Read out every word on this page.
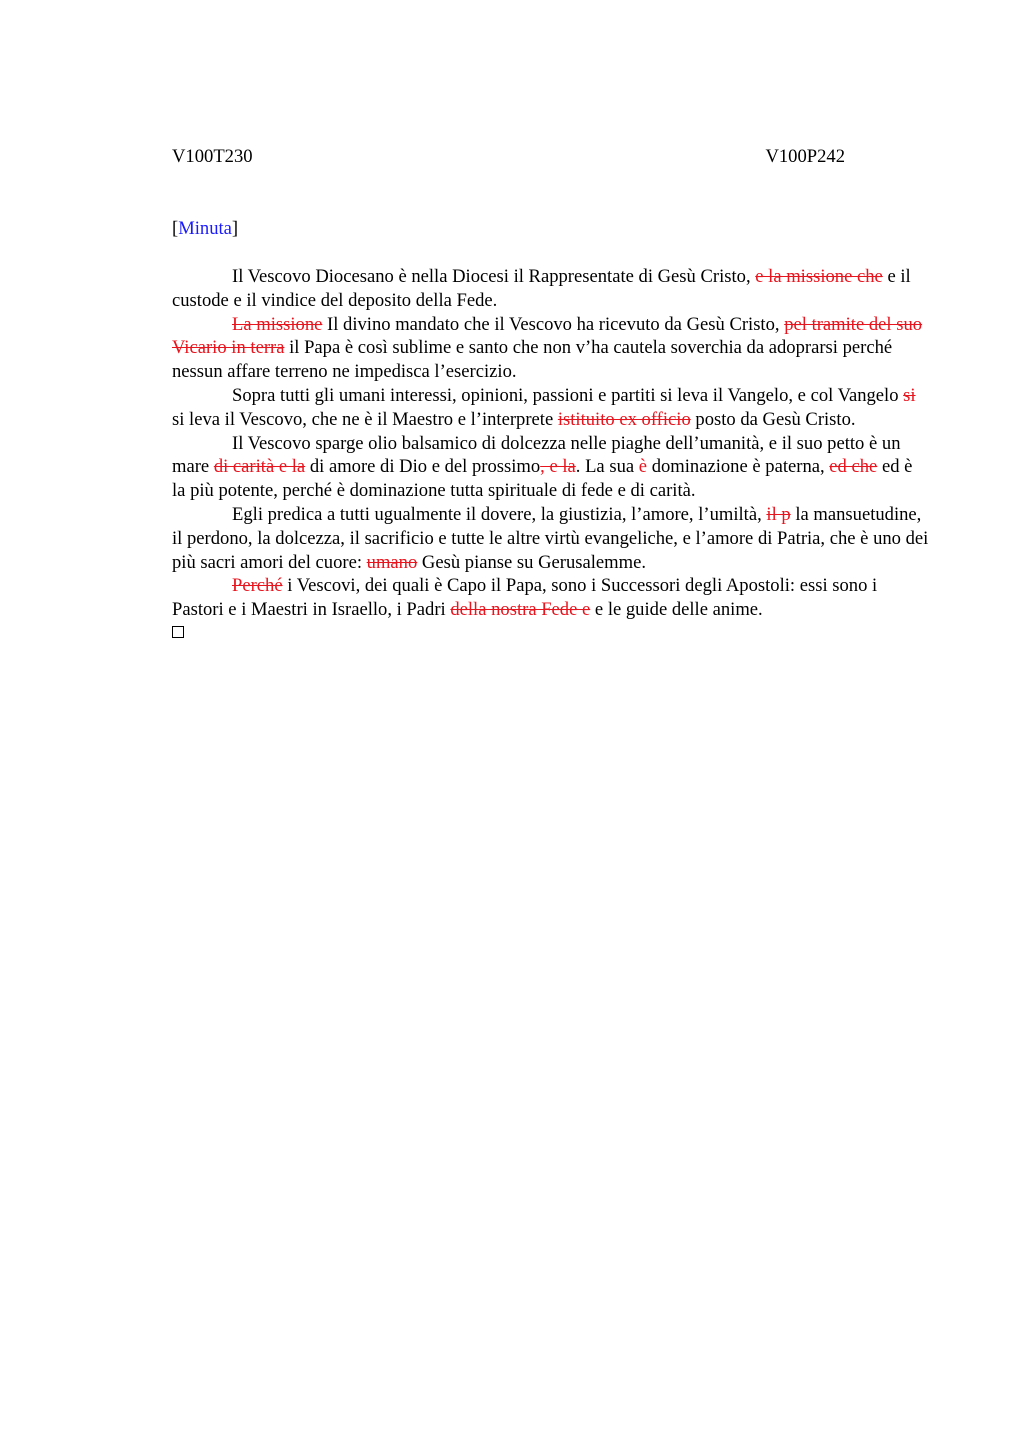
V100T230	V100P242
[Minuta]

Il Vescovo Diocesano è nella Diocesi il Rappresentate di Gesù Cristo, e la missione che e il custode e il vindice del deposito della Fede.

La missione Il divino mandato che il Vescovo ha ricevuto da Gesù Cristo, pel tramite del suo Vicario in terra il Papa è così sublime e santo che non v’ha cautela soverchia da adoprarsi perché nessun affare terreno ne impedisca l’esercizio.

Sopra tutti gli umani interessi, opinioni, passioni e partiti si leva il Vangelo, e col Vangelo si si leva il Vescovo, che ne è il Maestro e l’interprete istituito ex officio posto da Gesù Cristo.

Il Vescovo sparge olio balsamico di dolcezza nelle piaghe dell’umanità, e il suo petto è un mare di carità e la di amore di Dio e del prossimo, e la. La sua è dominazione è paterna, ed che ed è la più potente, perché è dominazione tutta spirituale di fede e di carità.

Egli predica a tutti ugualmente il dovere, la giustizia, l’amore, l’umiltà, il p la mansuetudine, il perdono, la dolcezza, il sacrificio e tutte le altre virtù evangeliche, e l’amore di Patria, che è uno dei più sacri amori del cuore: umano Gesù pianse su Gerusalemme.

Perché i Vescovi, dei quali è Capo il Papa, sono i Successori degli Apostoli: essi sono i Pastori e i Maestri in Israello, i Padri della nostra Fede e e le guide delle anime.
